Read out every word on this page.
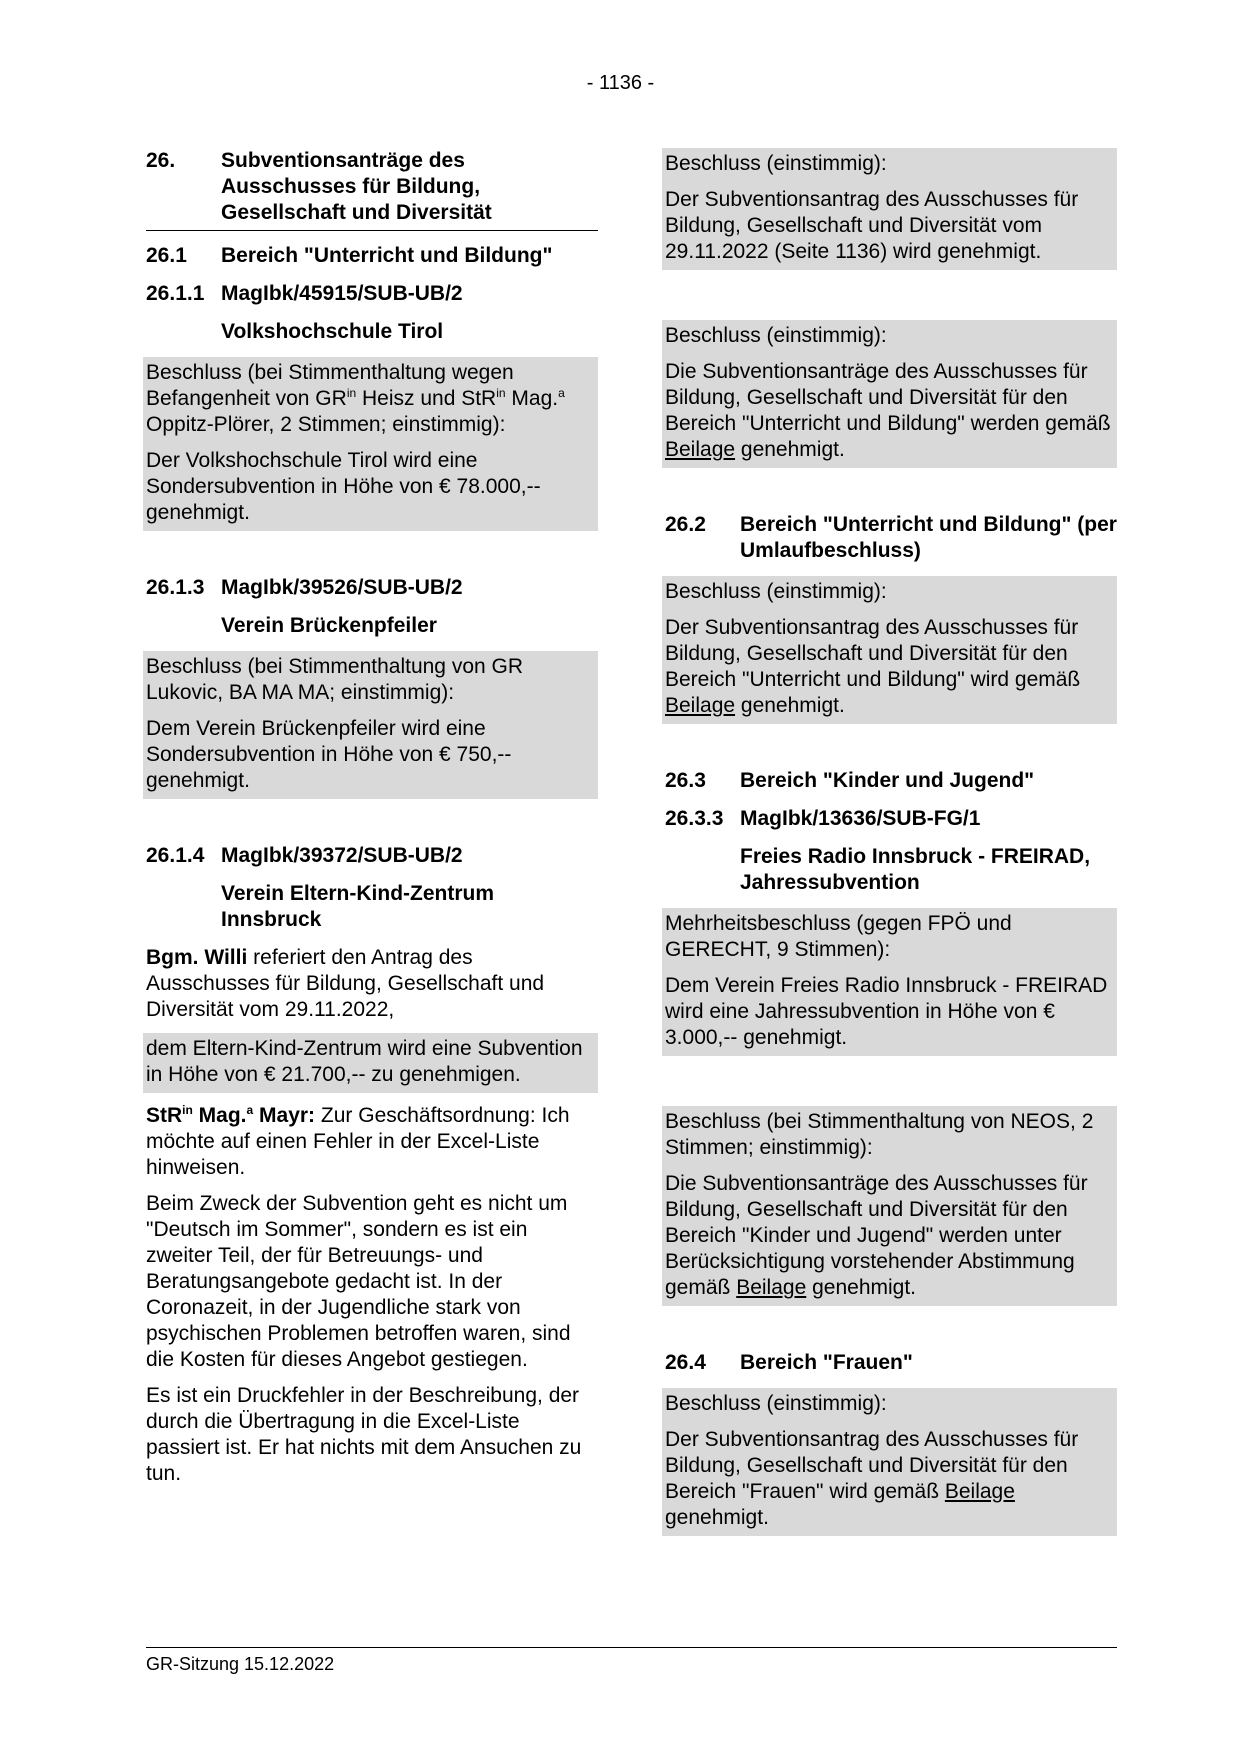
- 1136 -
26.	Subventionsanträge des Ausschusses für Bildung, Gesellschaft und Diversität
26.1	Bereich "Unterricht und Bildung"
26.1.1 MagIbk/45915/SUB-UB/2
Volkshochschule Tirol

Beschluss (bei Stimmenthaltung wegen Befangenheit von $GR^{in}$ Heisz und StR$^{in}$ Mag.$^a$ Oppitz-Plörer, 2 Stimmen; einstimmig):

Der Volkshochschule Tirol wird eine Sondersubvention in Höhe von € 78.000,-- genehmigt.

26.1.3 MagIbk/39526/SUB-UB/2
Verein Brückenpfeiler

Beschluss (bei Stimmenthaltung von GR Lukovic, BA MA MA; einstimmig):

Dem Verein Brückenpfeiler wird eine Sondersubvention in Höhe von € 750,-- genehmigt.

26.1.4 MagIbk/39372/SUB-UB/2
Verein Eltern-Kind-Zentrum Innsbruck

Bgm. Willi referiert den Antrag des Ausschusses für Bildung, Gesellschaft und Diversität vom 29.11.2022,

dem Eltern-Kind-Zentrum wird eine Subvention in Höhe von € 21.700,-- zu genehmigen.

StR$^{in}$ Mag.$^a$ Mayr: Zur Geschäftsordnung: Ich möchte auf einen Fehler in der Excel-Liste hinweisen.

Beim Zweck der Subvention geht es nicht um "Deutsch im Sommer", sondern es ist ein zweiter Teil, der für Betreuungs- und Beratungsangebote gedacht ist. In der Coronazeit, in der Jugendliche stark von psychischen Problemen betroffen waren, sind die Kosten für dieses Angebot gestiegen.

Es ist ein Druckfehler in der Beschreibung, der durch die Übertragung in die Excel-Liste passiert ist. Er hat nichts mit dem Ansuchen zu tun.

Beschluss (einstimmig):

Der Subventionsantrag des Ausschusses für Bildung, Gesellschaft und Diversität vom 29.11.2022 (Seite 1136) wird genehmigt.

Beschluss (einstimmig):

Die Subventionsanträge des Ausschusses für Bildung, Gesellschaft und Diversität für den Bereich "Unterricht und Bildung" werden gemäß Beilage genehmigt.

26.2	Bereich "Unterricht und Bildung" (per Umlaufbeschluss)

Beschluss (einstimmig):

Der Subventionsantrag des Ausschusses für Bildung, Gesellschaft und Diversität für den Bereich "Unterricht und Bildung" wird gemäß Beilage genehmigt.

26.3	Bereich "Kinder und Jugend"
26.3.3 MagIbk/13636/SUB-FG/1
Freies Radio Innsbruck - FREIRAD, Jahressubvention

Mehrheitsbeschluss (gegen FPÖ und GERECHT, 9 Stimmen):

Dem Verein Freies Radio Innsbruck - FREIRAD wird eine Jahressubvention in Höhe von € 3.000,-- genehmigt.

Beschluss (bei Stimmenthaltung von NEOS, 2 Stimmen; einstimmig):

Die Subventionsanträge des Ausschusses für Bildung, Gesellschaft und Diversität für den Bereich "Kinder und Jugend" werden unter Berücksichtigung vorstehender Abstimmung gemäß Beilage genehmigt.

26.4	Bereich "Frauen"

Beschluss (einstimmig):

Der Subventionsantrag des Ausschusses für Bildung, Gesellschaft und Diversität für den Bereich "Frauen" wird gemäß Beilage genehmigt.

GR-Sitzung 15.12.2022
